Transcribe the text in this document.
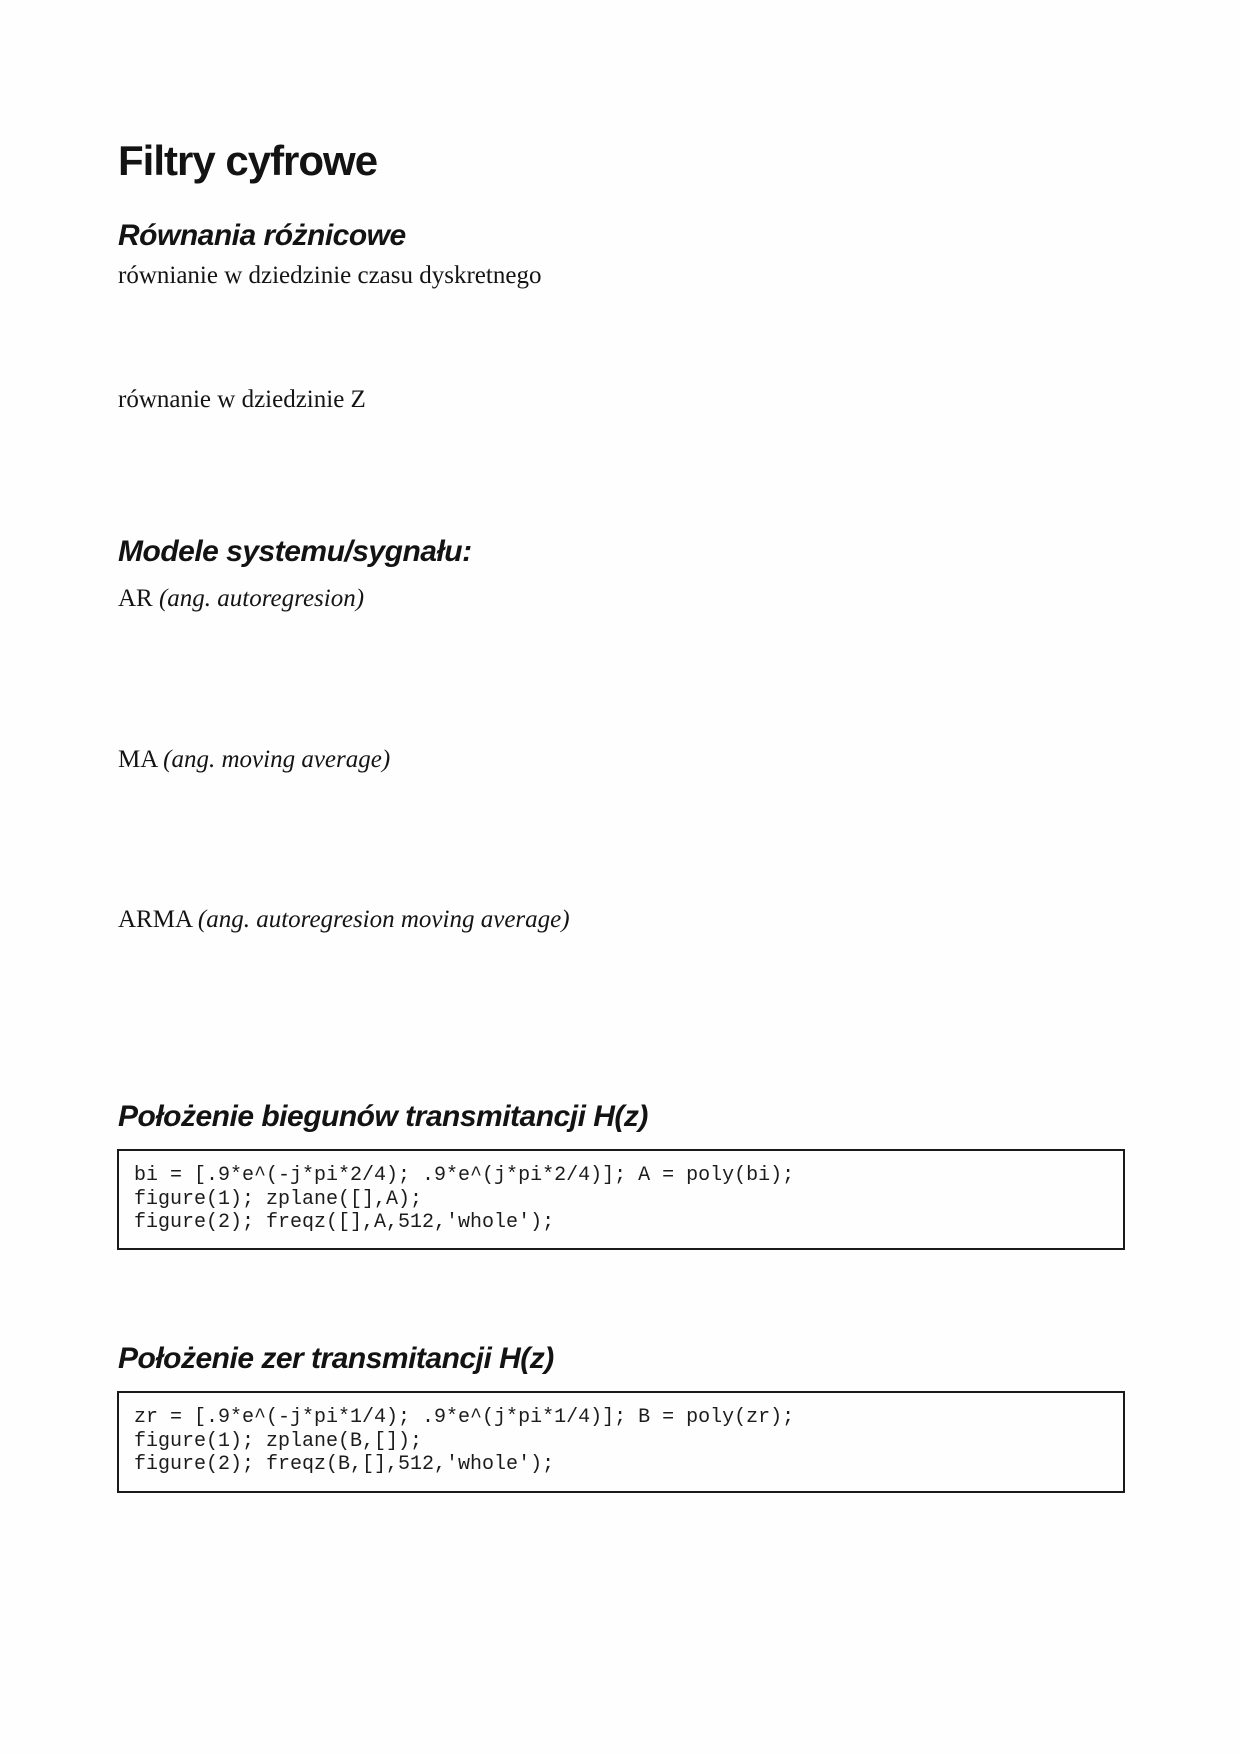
Filtry cyfrowe
Równania różnicowe

równianie w dziedzinie czasu dyskretnego

równanie w dziedzinie Z

Modele systemu/sygnału:

AR (ang. autoregresion)

MA (ang. moving average)

ARMA (ang. autoregresion moving average)

Położenie biegunów transmitancji H(z)
bi = [.9*e^(-j*pi*2/4); .9*e^(j*pi*2/4)]; A = poly(bi);
figure(1); zplane([],A);
figure(2); freqz([],A,512,'whole');
Położenie zer transmitancji H(z)
zr = [.9*e^(-j*pi*1/4); .9*e^(j*pi*1/4)]; B = poly(zr);
figure(1); zplane(B,[]);
figure(2); freqz(B,[],512,'whole');
